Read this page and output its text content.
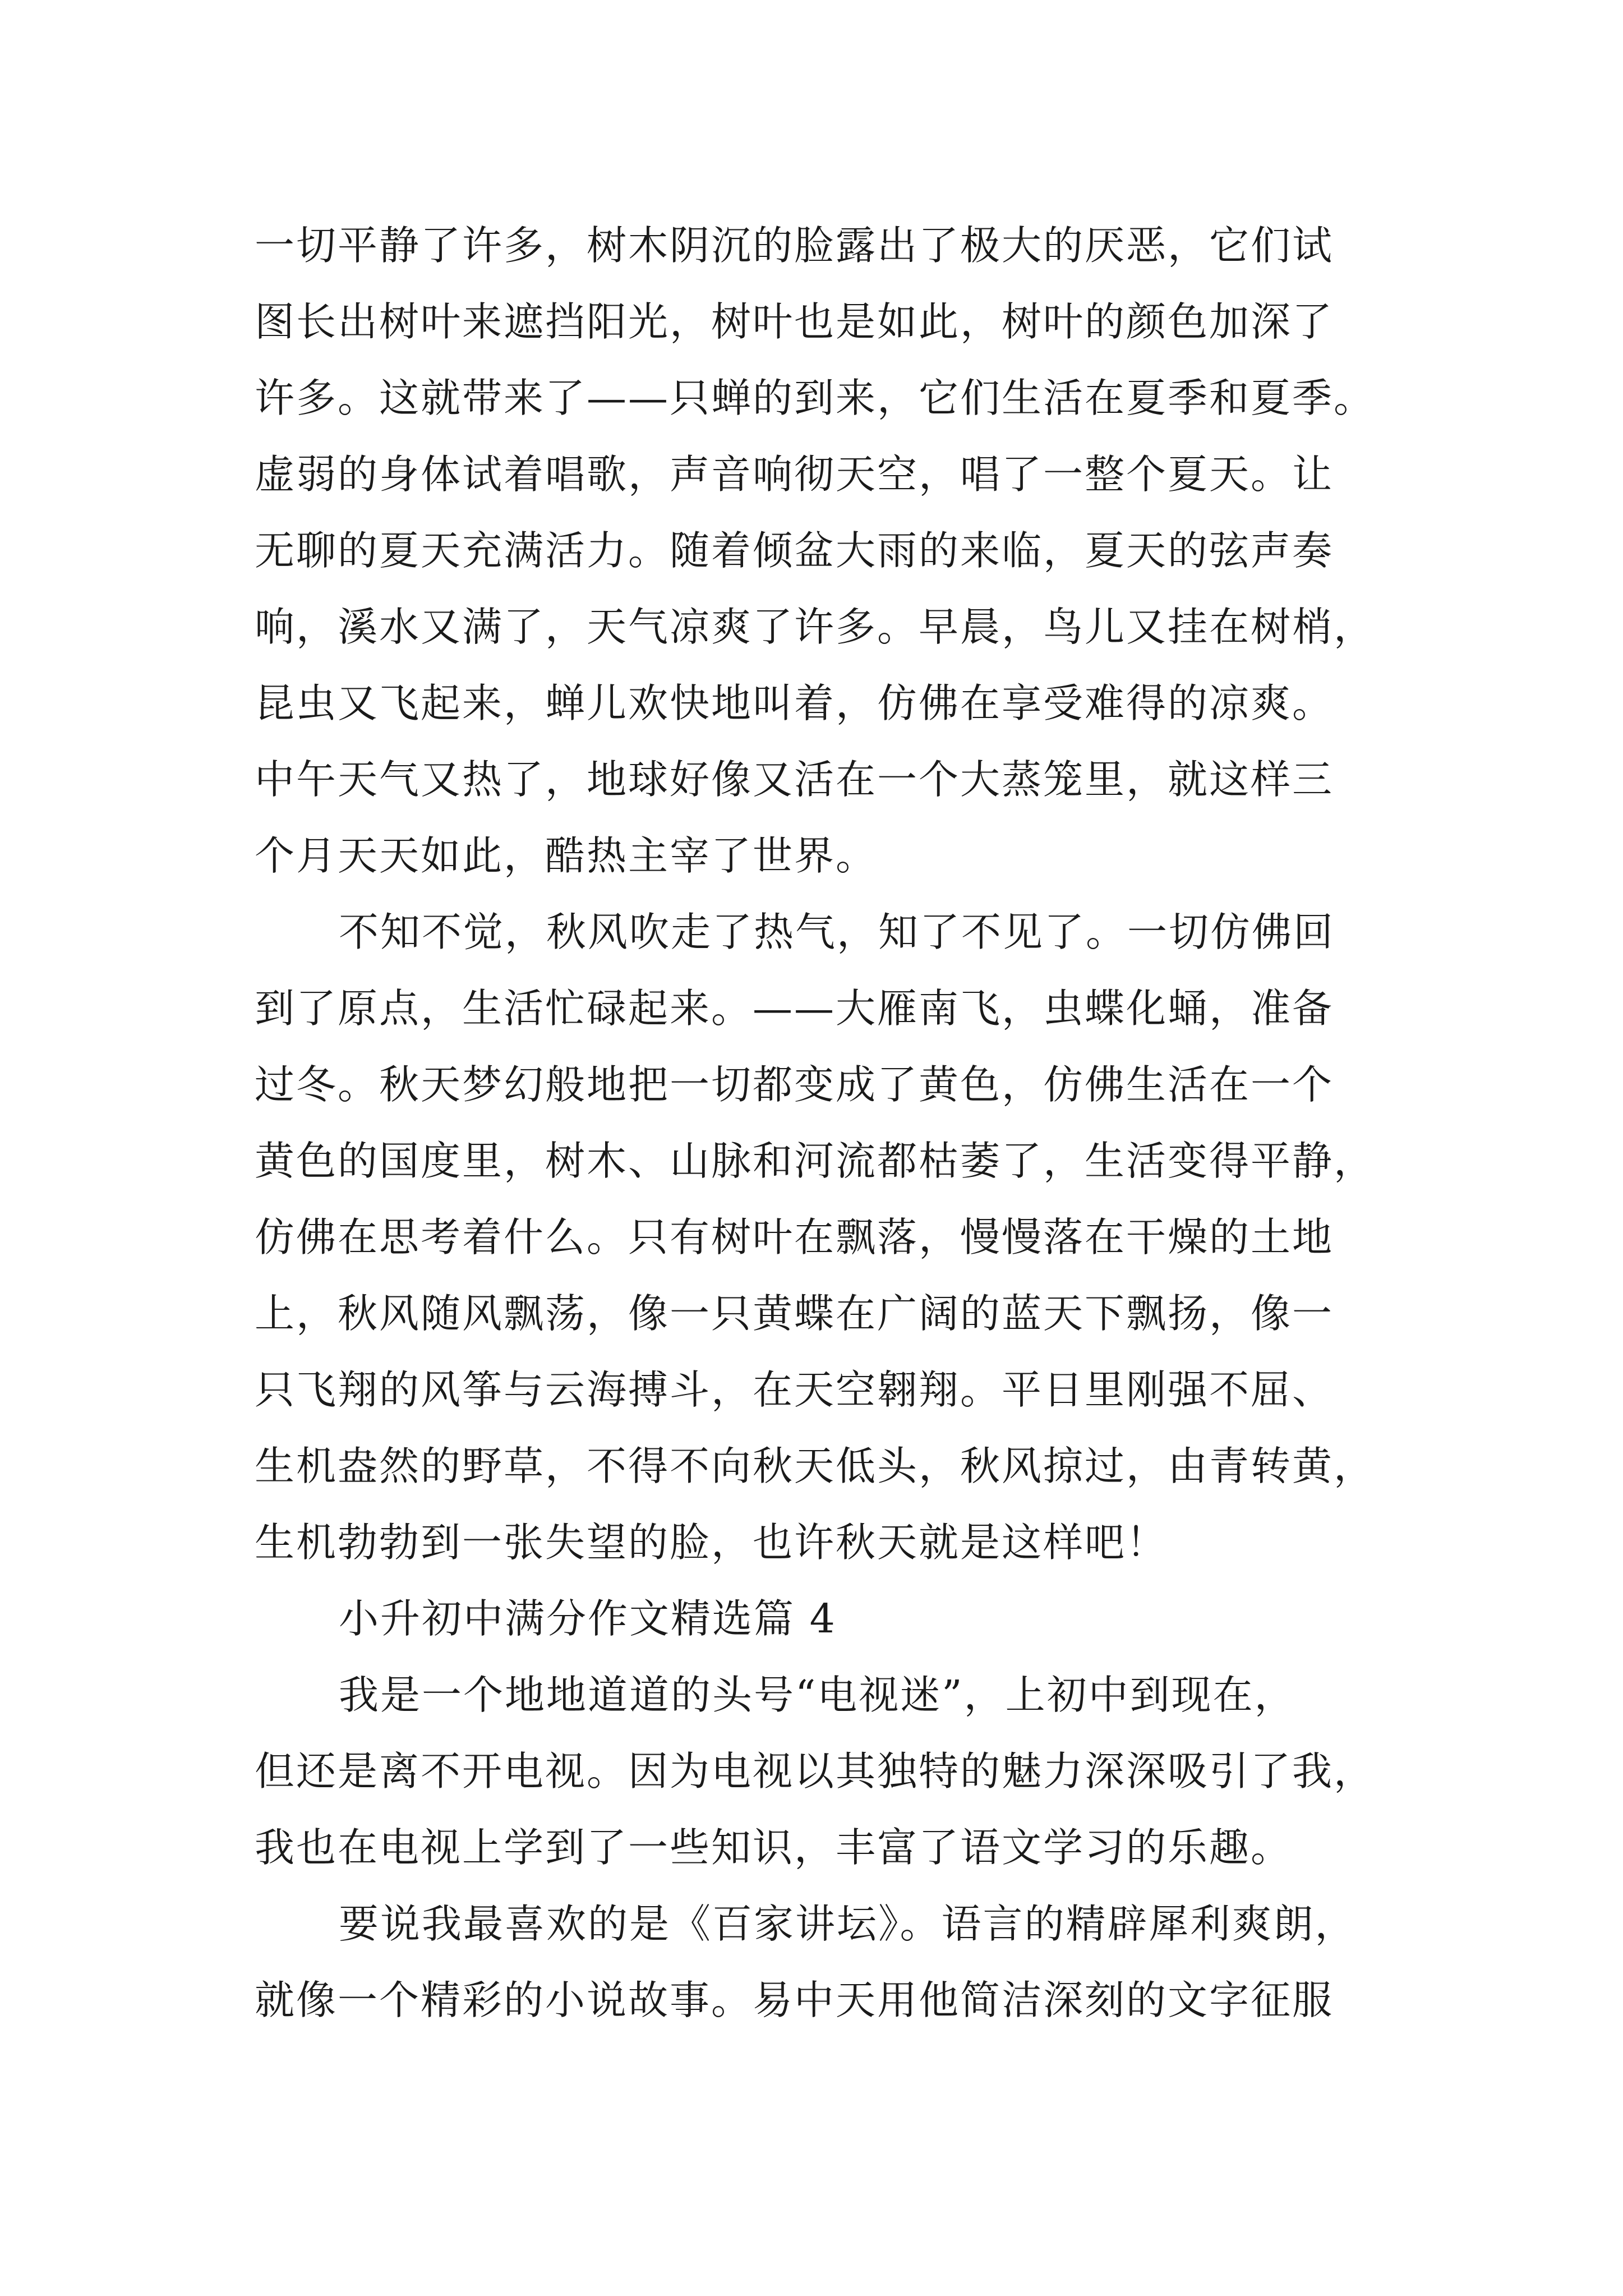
一切平静了许多，树木阴沉的脸露出了极大的厌恶，它们试
图长出树叶来遮挡阳光，树叶也是如此，树叶的颜色加深了
许多。这就带来了——只蝉的到来，它们生活在夏季和夏季。
虚弱的身体试着唱歌，声音响彻天空，唱了一整个夏天。让
无聊的夏天充满活力。随着倾盆大雨的来临，夏天的弦声奏
响，溪水又满了，天气凉爽了许多。早晨，鸟儿又挂在树梢，
昆虫又飞起来，蝉儿欢快地叫着，仿佛在享受难得的凉爽。
中午天气又热了，地球好像又活在一个大蒸笼里，就这样三
个月天天如此，酷热主宰了世界。
不知不觉，秋风吹走了热气，知了不见了。一切仿佛回
到了原点，生活忙碌起来。——大雁南飞，虫蝶化蛹，准备
过冬。秋天梦幻般地把一切都变成了黄色，仿佛生活在一个
黄色的国度里，树木、山脉和河流都枯萎了，生活变得平静，
仿佛在思考着什么。只有树叶在飘落，慢慢落在干燥的土地
上，秋风随风飘荡，像一只黄蝶在广阔的蓝天下飘扬，像一
只飞翔的风筝与云海搏斗，在天空翱翔。平日里刚强不屈、
生机盎然的野草，不得不向秋天低头，秋风掠过，由青转黄，
生机勃勃到一张失望的脸，也许秋天就是这样吧！
小升初中满分作文精选篇 4
我是一个地地道道的头号“电视迷”，上初中到现在，
但还是离不开电视。因为电视以其独特的魅力深深吸引了我，
我也在电视上学到了一些知识，丰富了语文学习的乐趣。
要说我最喜欢的是《百家讲坛》。语言的精辟犀利爽朗，
就像一个精彩的小说故事。易中天用他简洁深刻的文字征服
